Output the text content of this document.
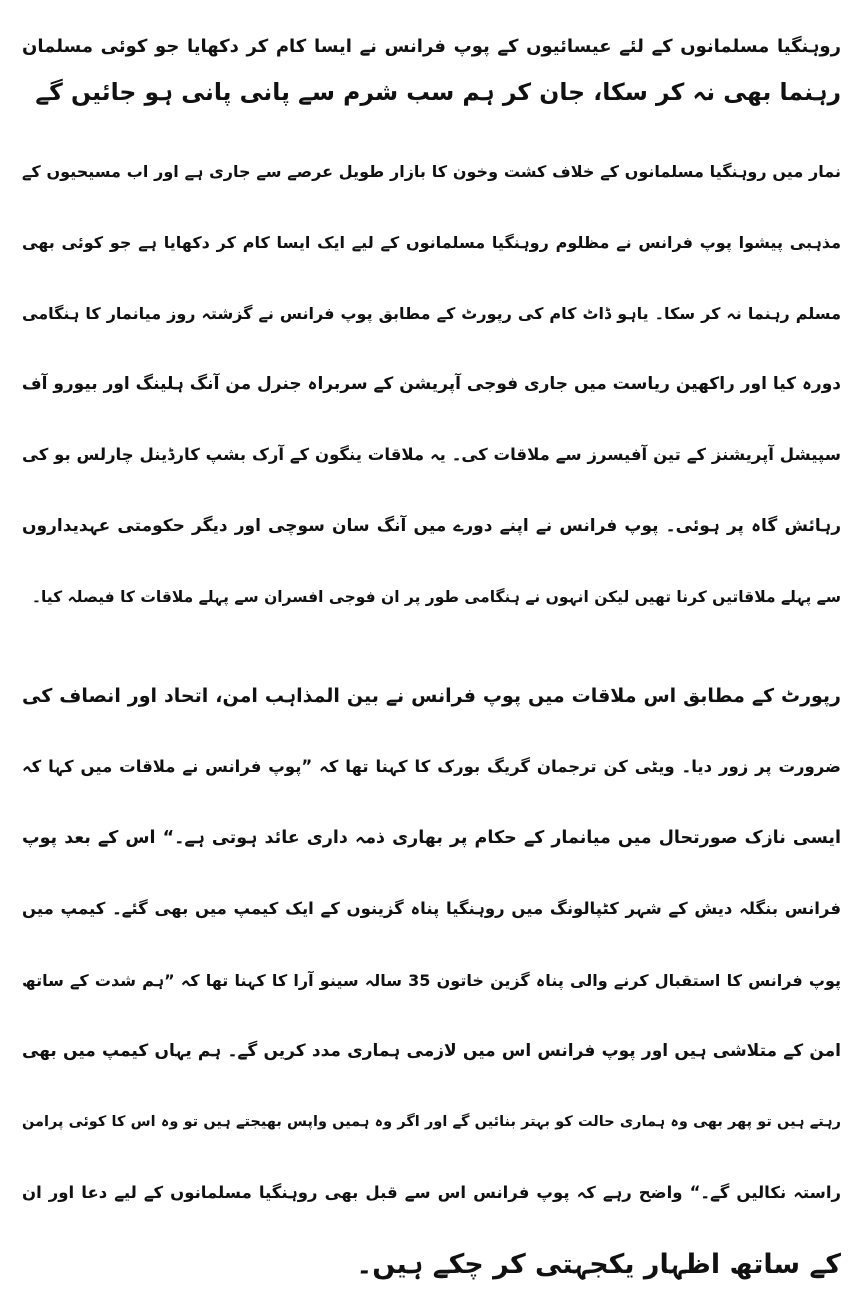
روہنگیا مسلمانوں کے لئے عیسائیوں کے پوپ فرانس نے ایسا کام کر دکھایا جو کوئی مسلمان
رہنما بھی نہ کر سکا، جان کر ہم سب شرم سے پانی پانی ہو جائیں گے
نمار میں روہنگیا مسلمانوں کے خلاف کشت وخون کا بازار طویل عرصے سے جاری ہے اور اب مسیحیوں کے
مذہبی پیشوا پوپ فرانس نے مظلوم روہنگیا مسلمانوں کے لیے ایک ایسا کام کر دکھایا ہے جو کوئی بھی
مسلم رہنما نہ کر سکا۔ یاہو ڈاٹ کام کی رپورٹ کے مطابق پوپ فرانس نے گزشتہ روز میانمار کا ہنگامی
دورہ کیا اور راکھین ریاست میں جاری فوجی آپریشن کے سربراہ جنرل من آنگ ہلینگ اور بیورو آف
سپیشل آپریشنز کے تین آفیسرز سے ملاقات کی۔ یہ ملاقات ینگون کے آرک بشپ کارڈینل چارلس بو کی
رہائش گاہ پر ہوئی۔ پوپ فرانس نے اپنے دورے میں آنگ سان سوچی اور دیگر حکومتی عہدیداروں
سے پہلے ملاقاتیں کرنا تھیں لیکن انہوں نے ہنگامی طور پر ان فوجی افسران سے پہلے ملاقات کا فیصلہ کیا۔
رپورٹ کے مطابق اس ملاقات میں پوپ فرانس نے بین المذاہب امن، اتحاد اور انصاف کی
ضرورت پر زور دیا۔ ویٹی کن ترجمان گریگ بورک کا کہنا تھا کہ ”پوپ فرانس نے ملاقات میں کہا کہ
ایسی نازک صورتحال میں میانمار کے حکام پر بھاری ذمہ داری عائد ہوتی ہے۔“ اس کے بعد پوپ
فرانس بنگلہ دیش کے شہر کٹپالونگ میں روہنگیا پناہ گزینوں کے ایک کیمپ میں بھی گئے۔ کیمپ میں
پوپ فرانس کا استقبال کرنے والی پناہ گزین خاتون 35 سالہ سینو آرا کا کہنا تھا کہ ”ہم شدت کے ساتھ
امن کے متلاشی ہیں اور پوپ فرانس اس میں لازمی ہماری مدد کریں گے۔ ہم یہاں کیمپ میں بھی
رہتے ہیں تو پھر بھی وہ ہماری حالت کو بہتر بنائیں گے اور اگر وہ ہمیں واپس بھیجتے ہیں تو وہ اس کا کوئی پرامن
راستہ نکالیں گے۔“ واضح رہے کہ پوپ فرانس اس سے قبل بھی روہنگیا مسلمانوں کے لیے دعا اور ان
کے ساتھ اظہار یکجہتی کر چکے ہیں۔
